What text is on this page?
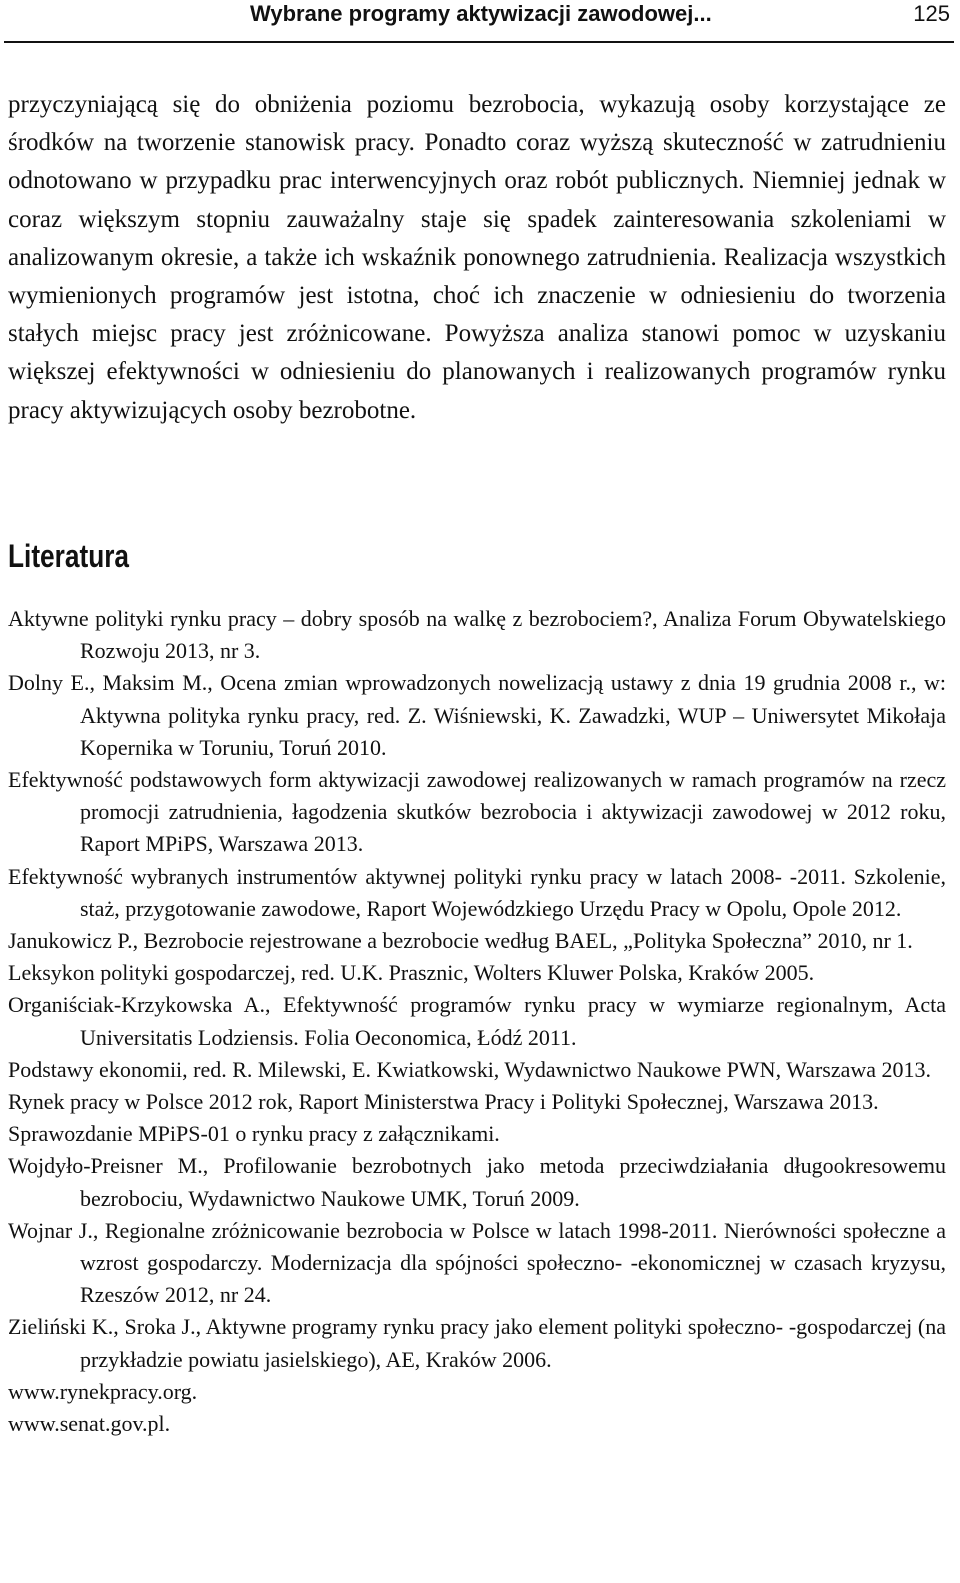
Wybrane programy aktywizacji zawodowej...	125

przyczyniającą się do obniżenia poziomu bezrobocia, wykazują osoby korzystające ze środków na tworzenie stanowisk pracy. Ponadto coraz wyższą skuteczność w zatrudnieniu odnotowano w przypadku prac interwencyjnych oraz robót publicznych. Niemniej jednak w coraz większym stopniu zauważalny staje się spadek zainteresowania szkoleniami w analizowanym okresie, a także ich wskaźnik ponownego zatrudnienia. Realizacja wszystkich wymienionych programów jest istotna, choć ich znaczenie w odniesieniu do tworzenia stałych miejsc pracy jest zróżnicowane. Powyższa analiza stanowi pomoc w uzyskaniu większej efektywności w odniesieniu do planowanych i realizowanych programów rynku pracy aktywizujących osoby bezrobotne.

Literatura
Aktywne polityki rynku pracy – dobry sposób na walkę z bezrobociem?, Analiza Forum Obywatelskiego Rozwoju 2013, nr 3.
Dolny E., Maksim M., Ocena zmian wprowadzonych nowelizacją ustawy z dnia 19 grudnia 2008 r., w: Aktywna polityka rynku pracy, red. Z. Wiśniewski, K. Zawadzki, WUP – Uniwersytet Mikołaja Kopernika w Toruniu, Toruń 2010.
Efektywność podstawowych form aktywizacji zawodowej realizowanych w ramach programów na rzecz promocji zatrudnienia, łagodzenia skutków bezrobocia i aktywizacji zawodowej w 2012 roku, Raport MPiPS, Warszawa 2013.
Efektywność wybranych instrumentów aktywnej polityki rynku pracy w latach 2008- -2011. Szkolenie, staż, przygotowanie zawodowe, Raport Wojewódzkiego Urzędu Pracy w Opolu, Opole 2012.
Janukowicz P., Bezrobocie rejestrowane a bezrobocie według BAEL, „Polityka Społeczna” 2010, nr 1.
Leksykon polityki gospodarczej, red. U.K. Prasznic, Wolters Kluwer Polska, Kraków 2005.
Organiściak-Krzykowska A., Efektywność programów rynku pracy w wymiarze regionalnym, Acta Universitatis Lodziensis. Folia Oeconomica, Łódź 2011.
Podstawy ekonomii, red. R. Milewski, E. Kwiatkowski, Wydawnictwo Naukowe PWN, Warszawa 2013.
Rynek pracy w Polsce 2012 rok, Raport Ministerstwa Pracy i Polityki Społecznej, Warszawa 2013.
Sprawozdanie MPiPS-01 o rynku pracy z załącznikami.
Wojdyło-Preisner M., Profilowanie bezrobotnych jako metoda przeciwdziałania długookresowemu bezrobociu, Wydawnictwo Naukowe UMK, Toruń 2009.
Wojnar J., Regionalne zróżnicowanie bezrobocia w Polsce w latach 1998-2011. Nierówności społeczne a wzrost gospodarczy. Modernizacja dla spójności społeczno- -ekonomicznej w czasach kryzysu, Rzeszów 2012, nr 24.
Zieliński K., Sroka J., Aktywne programy rynku pracy jako element polityki społeczno- -gospodarczej (na przykładzie powiatu jasielskiego), AE, Kraków 2006.
www.rynekpracy.org.
www.senat.gov.pl.
